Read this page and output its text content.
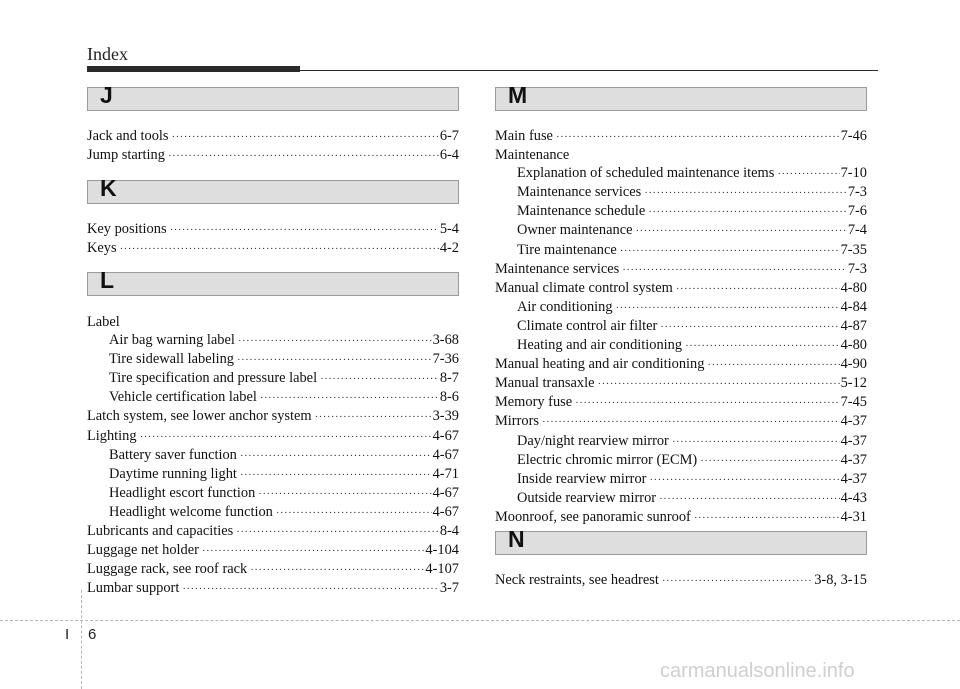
Index
J
Jack and tools ·····	6-7
Jump starting ·····	6-4
K
Key positions ·····	5-4
Keys ·····	4-2
L
Label
Air bag warning label ·····	3-68
Tire sidewall labeling ·····	7-36
Tire specification and pressure label ·····	8-7
Vehicle certification label ·····	8-6
Latch system, see lower anchor system ·····	3-39
Lighting ·····	4-67
Battery saver function ·····	4-67
Daytime running light ·····	4-71
Headlight escort function ·····	4-67
Headlight welcome function ·····	4-67
Lubricants and capacities ·····	8-4
Luggage net holder ·····	4-104
Luggage rack, see roof rack ·····	4-107
Lumbar support ·····	3-7
M
Main fuse ·····	7-46
Maintenance
Explanation of scheduled maintenance items ·····	7-10
Maintenance services ·····	7-3
Maintenance schedule ·····	7-6
Owner maintenance ·····	7-4
Tire maintenance ·····	7-35
Maintenance services ·····	7-3
Manual climate control system ·····	4-80
Air conditioning ·····	4-84
Climate control air filter ·····	4-87
Heating and air conditioning ·····	4-80
Manual heating and air conditioning ·····	4-90
Manual transaxle ·····	5-12
Memory fuse ·····	7-45
Mirrors ·····	4-37
Day/night rearview mirror ·····	4-37
Electric chromic mirror (ECM) ·····	4-37
Inside rearview mirror ·····	4-37
Outside rearview mirror ·····	4-43
Moonroof, see panoramic sunroof ·····	4-31
N
Neck restraints, see headrest ·····	3-8, 3-15
I 6
carmanualsonline.info
